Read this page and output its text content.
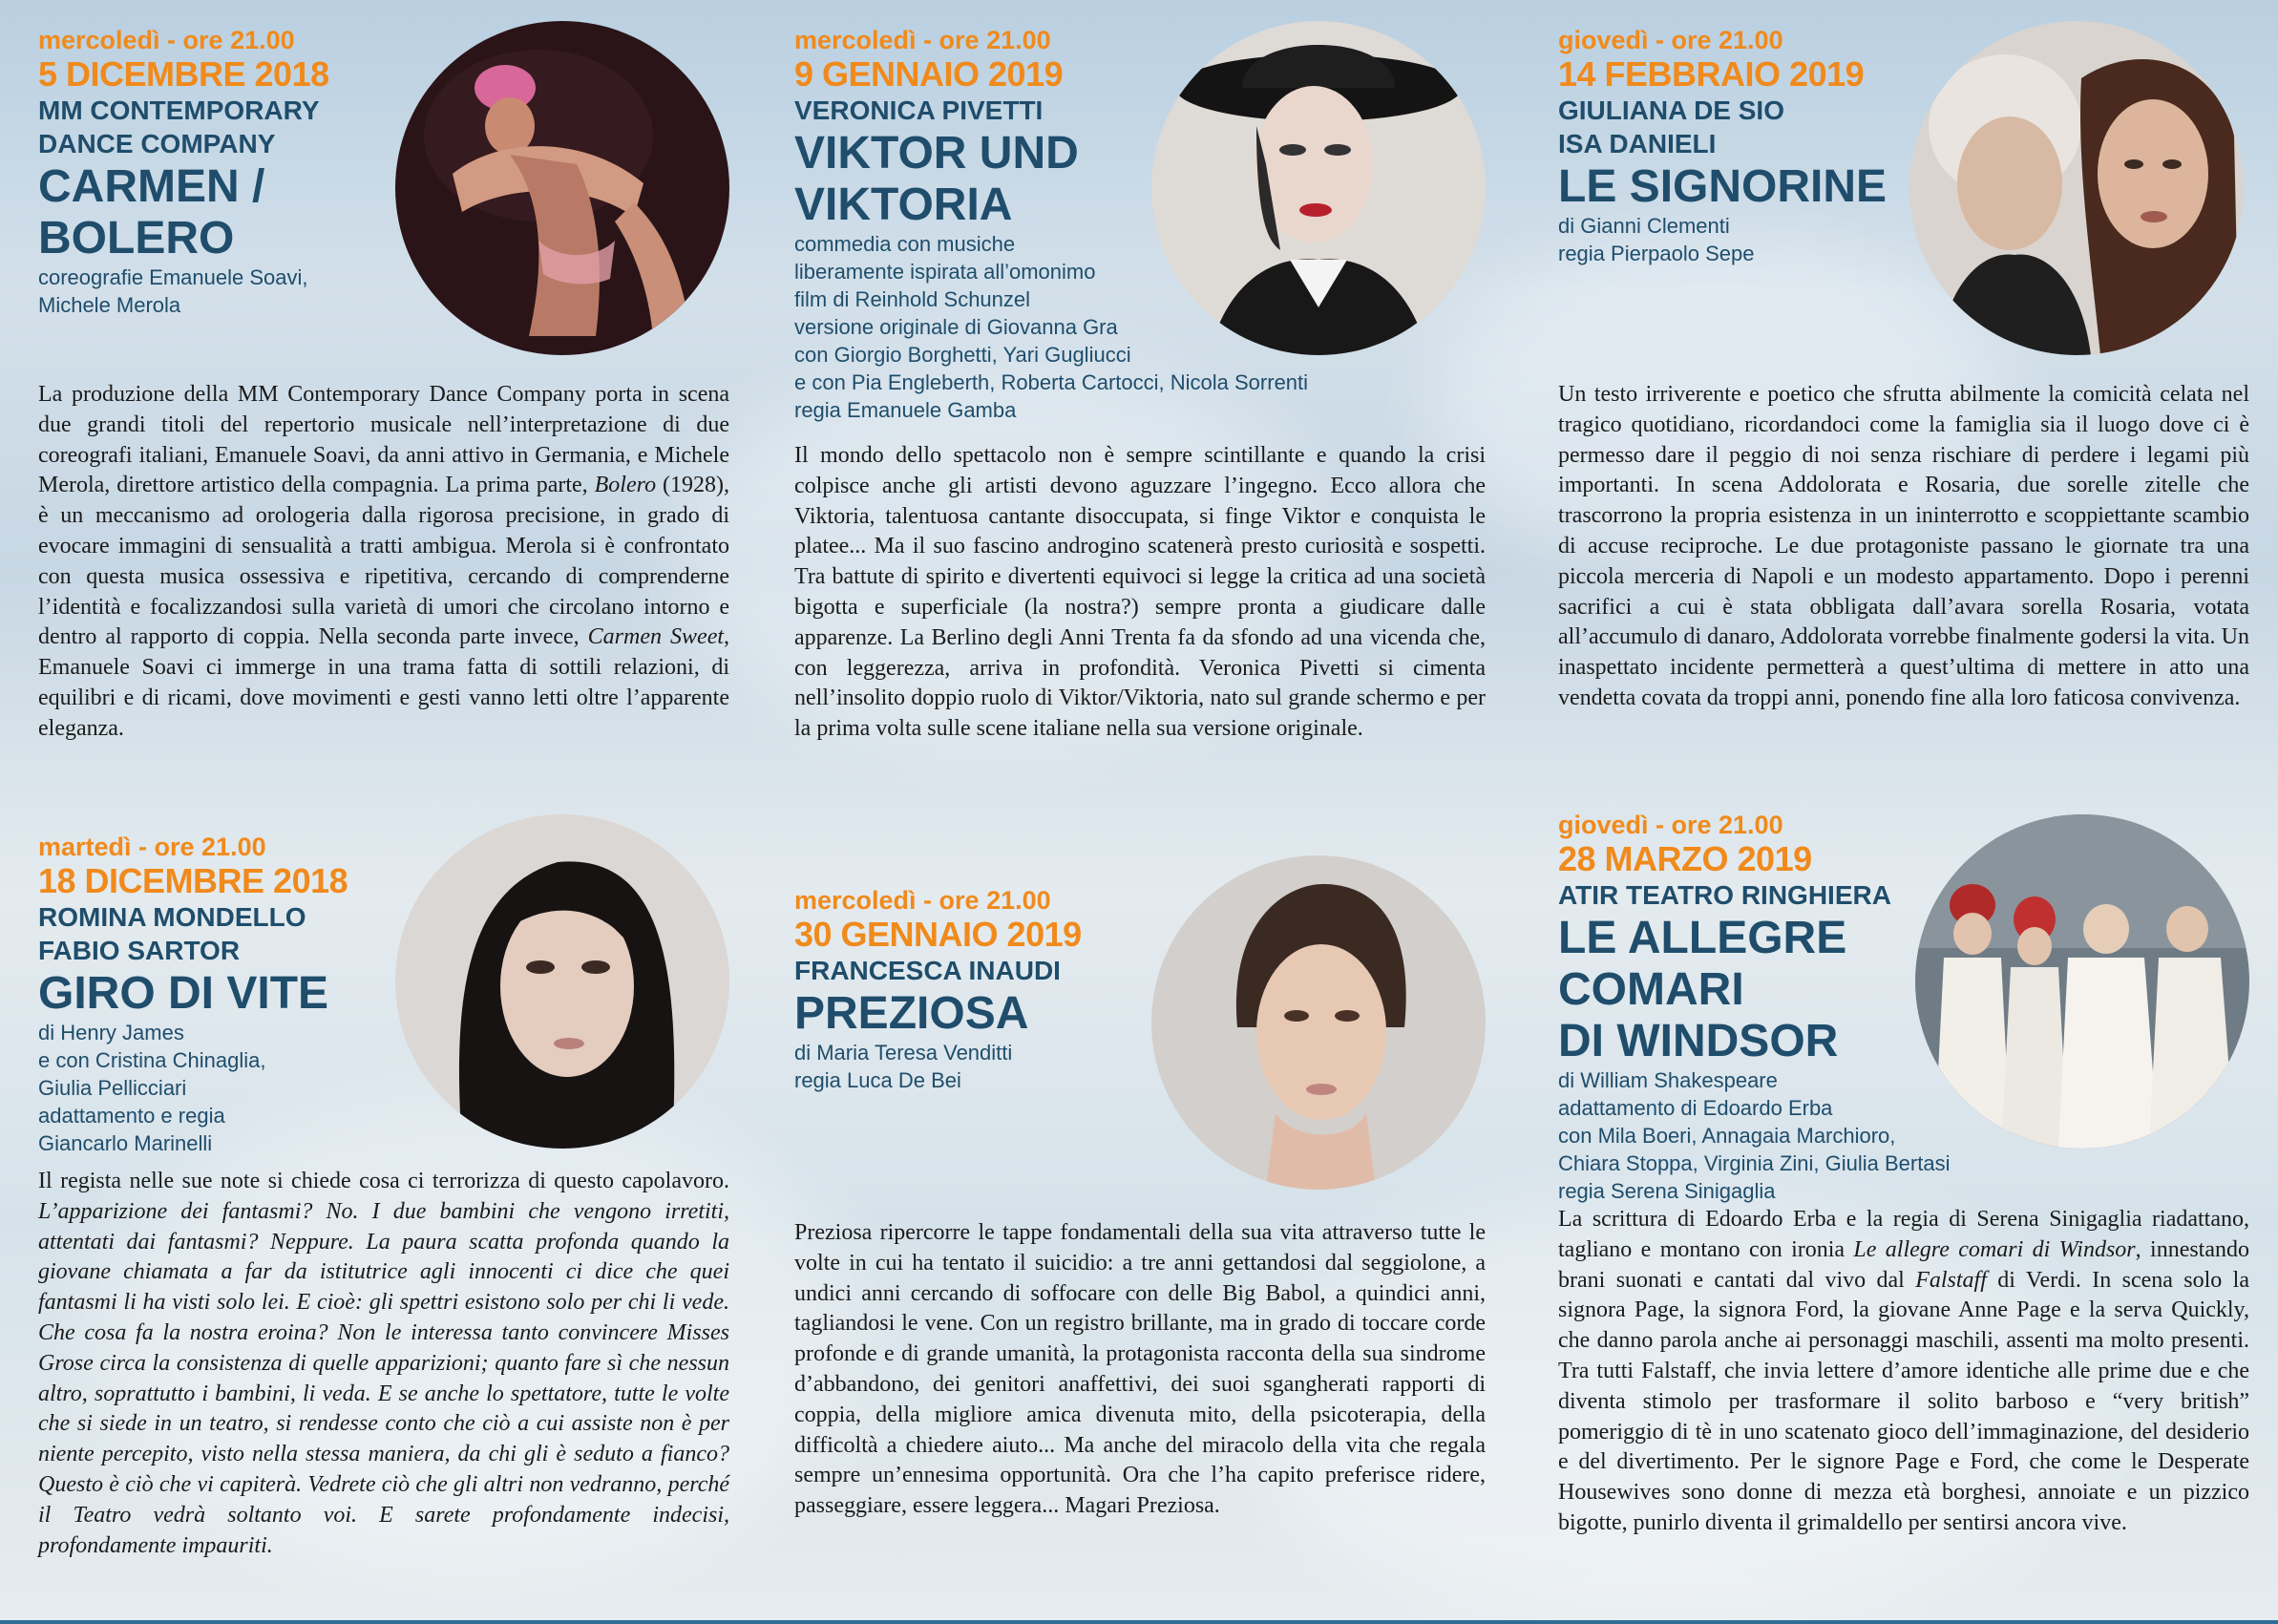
mercoledì - ore 21.00
5 DICEMBRE 2018
MM CONTEMPORARY
DANCE COMPANY
CARMEN /
BOLERO
coreografie Emanuele Soavi,
Michele Merola
La produzione della MM Contemporary Dance Company porta in scena due grandi titoli del repertorio musicale nell’interpretazione di due coreografi italiani, Emanuele Soavi, da anni attivo in Germania, e Michele Merola, direttore artistico della compagnia. La prima parte, Bolero (1928), è un meccanismo ad orologeria dalla rigorosa precisione, in grado di evocare immagini di sensualità a tratti ambigua. Merola si è confrontato con questa musica ossessiva e ripetitiva, cercando di comprenderne l’identità e focalizzandosi sulla varietà di umori che circolano intorno e dentro al rapporto di coppia. Nella seconda parte invece, Carmen Sweet, Emanuele Soavi ci immerge in una trama fatta di sottili relazioni, di equilibri e di ricami, dove movimenti e gesti vanno letti oltre l’apparente eleganza.
mercoledì - ore 21.00
9 GENNAIO 2019
VERONICA PIVETTI
VIKTOR UND
VIKTORIA
commedia con musiche
liberamente ispirata all’omonimo
film di Reinhold Schunzel
versione originale di Giovanna Gra
con Giorgio Borghetti, Yari Gugliucci
e con Pia Engleberth, Roberta Cartocci, Nicola Sorrenti
regia Emanuele Gamba
Il mondo dello spettacolo non è sempre scintillante e quando la crisi colpisce anche gli artisti devono aguzzare l’ingegno. Ecco allora che Viktoria, talentuosa cantante disoccupata, si finge Viktor e conquista le platee... Ma il suo fascino androgino scatenerà presto curiosità e sospetti. Tra battute di spirito e divertenti equivoci si legge la critica ad una società bigotta e superficiale (la nostra?) sempre pronta a giudicare dalle apparenze. La Berlino degli Anni Trenta fa da sfondo ad una vicenda che, con leggerezza, arriva in profondità. Veronica Pivetti si cimenta nell’insolito doppio ruolo di Viktor/Viktoria, nato sul grande schermo e per la prima volta sulle scene italiane nella sua versione originale.
giovedì - ore 21.00
14 FEBBRAIO 2019
GIULIANA DE SIO
ISA DANIELI
LE SIGNORINE
di Gianni Clementi
regia Pierpaolo Sepe
Un testo irriverente e poetico che sfrutta abilmente la comicità celata nel tragico quotidiano, ricordandoci come la famiglia sia il luogo dove ci è permesso dare il peggio di noi senza rischiare di perdere i legami più importanti. In scena Addolorata e Rosaria, due sorelle zitelle che trascorrono la propria esistenza in un ininterrotto e scoppiettante scambio di accuse reciproche. Le due protagoniste passano le giornate tra una piccola merceria di Napoli e un modesto appartamento. Dopo i perenni sacrifici a cui è stata obbligata dall’avara sorella Rosaria, votata all’accumulo di danaro, Addolorata vorrebbe finalmente godersi la vita. Un inaspettato incidente permetterà a quest’ultima di mettere in atto una vendetta covata da troppi anni, ponendo fine alla loro faticosa convivenza.
martedì - ore 21.00
18 DICEMBRE 2018
ROMINA MONDELLO
FABIO SARTOR
GIRO DI VITE
di Henry James
e con Cristina Chinaglia,
Giulia Pellicciari
adattamento e regia
Giancarlo Marinelli
Il regista nelle sue note si chiede cosa ci terrorizza di questo capolavoro. L’apparizione dei fantasmi? No. I due bambini che vengono irretiti, attentati dai fantasmi? Neppure. La paura scatta profonda quando la giovane chiamata a far da istitutrice agli innocenti ci dice che quei fantasmi li ha visti solo lei. E cioè: gli spettri esistono solo per chi li vede. Che cosa fa la nostra eroina? Non le interessa tanto convincere Misses Grose circa la consistenza di quelle apparizioni; quanto fare sì che nessun altro, soprattutto i bambini, li veda. E se anche lo spettatore, tutte le volte che si siede in un teatro, si rendesse conto che ciò a cui assiste non è per niente percepito, visto nella stessa maniera, da chi gli è seduto a fianco? Questo è ciò che vi capiterà. Vedrete ciò che gli altri non vedranno, perché il Teatro vedrà soltanto voi. E sarete profondamente indecisi, profondamente impauriti.
mercoledì - ore 21.00
30 GENNAIO 2019
FRANCESCA INAUDI
PREZIOSA
di Maria Teresa Venditti
regia Luca De Bei
Preziosa ripercorre le tappe fondamentali della sua vita attraverso tutte le volte in cui ha tentato il suicidio: a tre anni gettandosi dal seggiolone, a undici anni cercando di soffocare con delle Big Babol, a quindici anni, tagliandosi le vene. Con un registro brillante, ma in grado di toccare corde profonde e di grande umanità, la protagonista racconta della sua sindrome d’abbandono, dei genitori anaffettivi, dei suoi sgangherati rapporti di coppia, della migliore amica divenuta mito, della psicoterapia, della difficoltà a chiedere aiuto... Ma anche del miracolo della vita che regala sempre un’ennesima opportunità. Ora che l’ha capito preferisce ridere, passeggiare, essere leggera... Magari Preziosa.
giovedì - ore 21.00
28 MARZO 2019
ATIR TEATRO RINGHIERA
LE ALLEGRE
COMARI
DI WINDSOR
di William Shakespeare
adattamento di Edoardo Erba
con Mila Boeri, Annagaia Marchioro,
Chiara Stoppa, Virginia Zini, Giulia Bertasi
regia Serena Sinigaglia
La scrittura di Edoardo Erba e la regia di Serena Sinigaglia riadattano, tagliano e montano con ironia Le allegre comari di Windsor, innestando brani suonati e cantati dal vivo dal Falstaff di Verdi. In scena solo la signora Page, la signora Ford, la giovane Anne Page e la serva Quickly, che danno parola anche ai personaggi maschili, assenti ma molto presenti. Tra tutti Falstaff, che invia lettere d’amore identiche alle prime due e che diventa stimolo per trasformare il solito barboso e “very british” pomeriggio di tè in uno scatenato gioco dell’immaginazione, del desiderio e del divertimento. Per le signore Page e Ford, che come le Desperate Housewives sono donne di mezza età borghesi, annoiate e un pizzico bigotte, punirlo diventa il grimaldello per sentirsi ancora vive.
